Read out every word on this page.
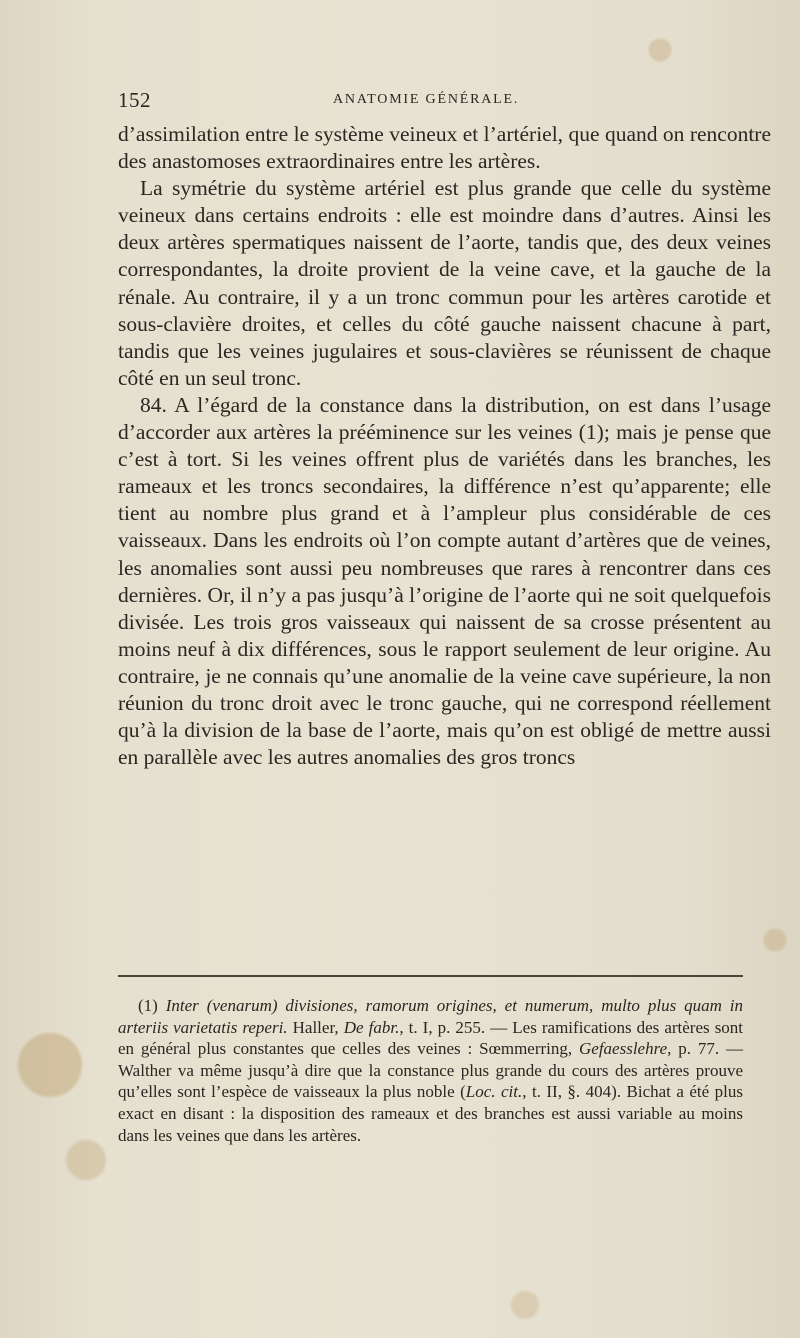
152	ANATOMIE GÉNÉRALE.

d’assimilation entre le système veineux et l’artériel, que quand on rencontre des anastomoses extraordinaires entre les artères.

La symétrie du système artériel est plus grande que celle du système veineux dans certains endroits : elle est moindre dans d’autres. Ainsi les deux artères spermatiques naissent de l’aorte, tandis que, des deux veines correspondantes, la droite provient de la veine cave, et la gauche de la rénale. Au contraire, il y a un tronc commun pour les artères carotide et sous-clavière droites, et celles du côté gauche naissent chacune à part, tandis que les veines jugulaires et sous-clavières se réunissent de chaque côté en un seul tronc.

84. A l’égard de la constance dans la distribution, on est dans l’usage d’accorder aux artères la prééminence sur les veines (1); mais je pense que c’est à tort. Si les veines offrent plus de variétés dans les branches, les rameaux et les troncs secondaires, la différence n’est qu’apparente; elle tient au nombre plus grand et à l’ampleur plus considérable de ces vaisseaux. Dans les endroits où l’on compte autant d’artères que de veines, les anomalies sont aussi peu nombreuses que rares à rencontrer dans ces dernières. Or, il n’y a pas jusqu’à l’origine de l’aorte qui ne soit quelquefois divisée. Les trois gros vaisseaux qui naissent de sa crosse présentent au moins neuf à dix différences, sous le rapport seulement de leur origine. Au contraire, je ne connais qu’une anomalie de la veine cave supérieure, la non réunion du tronc droit avec le tronc gauche, qui ne correspond réellement qu’à la division de la base de l’aorte, mais qu’on est obligé de mettre aussi en parallèle avec les autres anomalies des gros troncs

(1) Inter (venarum) divisiones, ramorum origines, et numerum, multo plus quam in arteriis varietatis reperi. Haller, De fabr., t. I, p. 255. — Les ramifications des artères sont en général plus constantes que celles des veines : Sœmmerring, Gefaesslehre, p. 77. — Walther va même jusqu’à dire que la constance plus grande du cours des artères prouve qu’elles sont l’espèce de vaisseaux la plus noble (Loc. cit., t. II, §. 404). Bichat a été plus exact en disant : la disposition des rameaux et des branches est aussi variable au moins dans les veines que dans les artères.
